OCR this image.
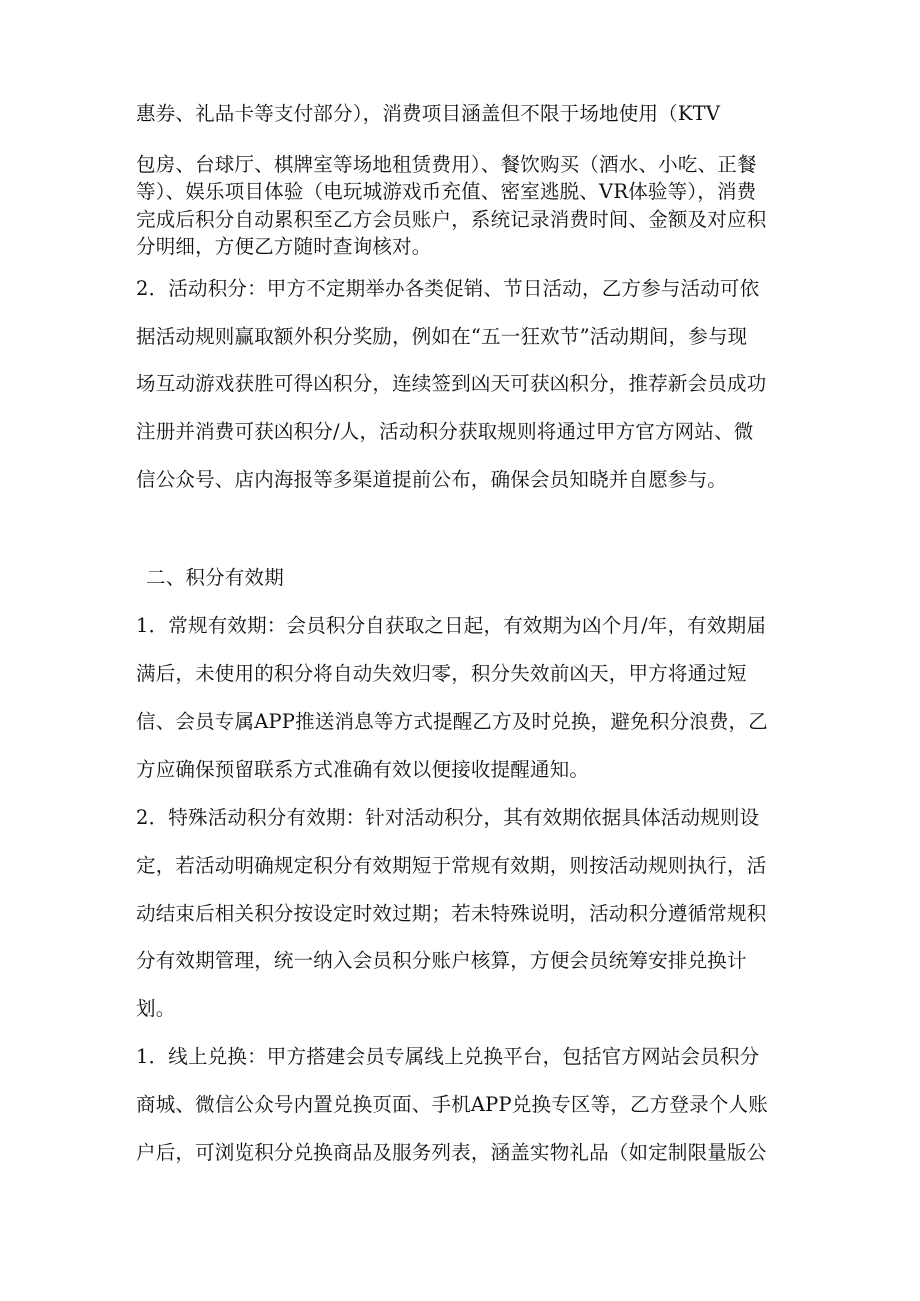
惠券、礼品卡等支付部分），消费项目涵盖但不限于场地使用（KTV
包房、台球厅、棋牌室等场地租赁费用）、餐饮购买（酒水、小吃、正餐
等）、娱乐项目体验（电玩城游戏币充值、密室逃脱、VR体验等），消费
完成后积分自动累积至乙方会员账户，系统记录消费时间、金额及对应积
分明细，方便乙方随时查询核对。
2．活动积分：甲方不定期举办各类促销、节日活动，乙方参与活动可依
据活动规则赢取额外积分奖励，例如在“五一狂欢节”活动期间，参与现
场互动游戏获胜可得凶积分，连续签到凶天可获凶积分，推荐新会员成功
注册并消费可获凶积分/人，活动积分获取规则将通过甲方官方网站、微
信公众号、店内海报等多渠道提前公布，确保会员知晓并自愿参与。
二、积分有效期
1．常规有效期：会员积分自获取之日起，有效期为凶个月/年，有效期届
满后，未使用的积分将自动失效归零，积分失效前凶天，甲方将通过短
信、会员专属APP推送消息等方式提醒乙方及时兑换，避免积分浪费，乙
方应确保预留联系方式准确有效以便接收提醒通知。
2．特殊活动积分有效期：针对活动积分，其有效期依据具体活动规则设
定，若活动明确规定积分有效期短于常规有效期，则按活动规则执行，活
动结束后相关积分按设定时效过期；若未特殊说明，活动积分遵循常规积
分有效期管理，统一纳入会员积分账户核算，方便会员统筹安排兑换计
划。
1．线上兑换：甲方搭建会员专属线上兑换平台，包括官方网站会员积分
商城、微信公众号内置兑换页面、手机APP兑换专区等，乙方登录个人账
户后，可浏览积分兑换商品及服务列表，涵盖实物礼品（如定制限量版公
